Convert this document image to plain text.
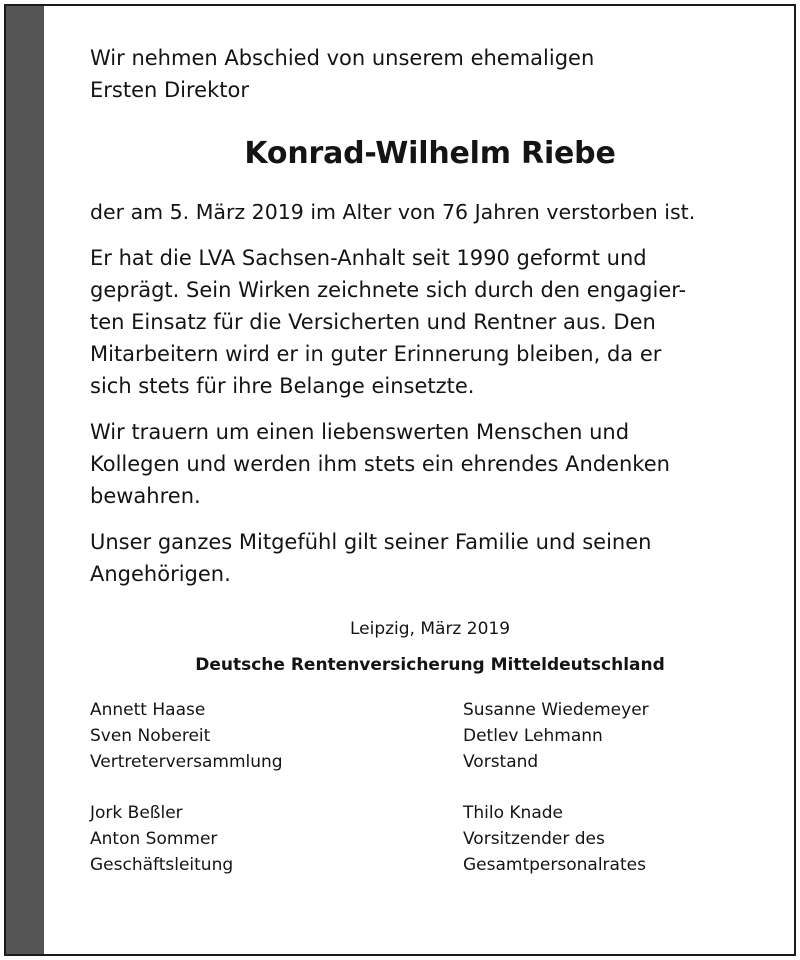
Wir nehmen Abschied von unserem ehemaligen
Ersten Direktor

Konrad-Wilhelm Riebe

der am 5. März 2019 im Alter von 76 Jahren verstorben ist.

Er hat die LVA Sachsen-Anhalt seit 1990 geformt und
geprägt. Sein Wirken zeichnete sich durch den engagier-
ten Einsatz für die Versicherten und Rentner aus. Den
Mitarbeitern wird er in guter Erinnerung bleiben, da er
sich stets für ihre Belange einsetzte.

Wir trauern um einen liebenswerten Menschen und
Kollegen und werden ihm stets ein ehrendes Andenken
bewahren.

Unser ganzes Mitgefühl gilt seiner Familie und seinen
Angehörigen.

Leipzig, März 2019
Deutsche Rentenversicherung Mitteldeutschland
Annett Haase
Sven Nobereit
Vertreterversammlung
Susanne Wiedemeyer
Detlev Lehmann
Vorstand
Jork Beßler
Anton Sommer
Geschäftsleitung
Thilo Knade
Vorsitzender des
Gesamtpersonalrates
